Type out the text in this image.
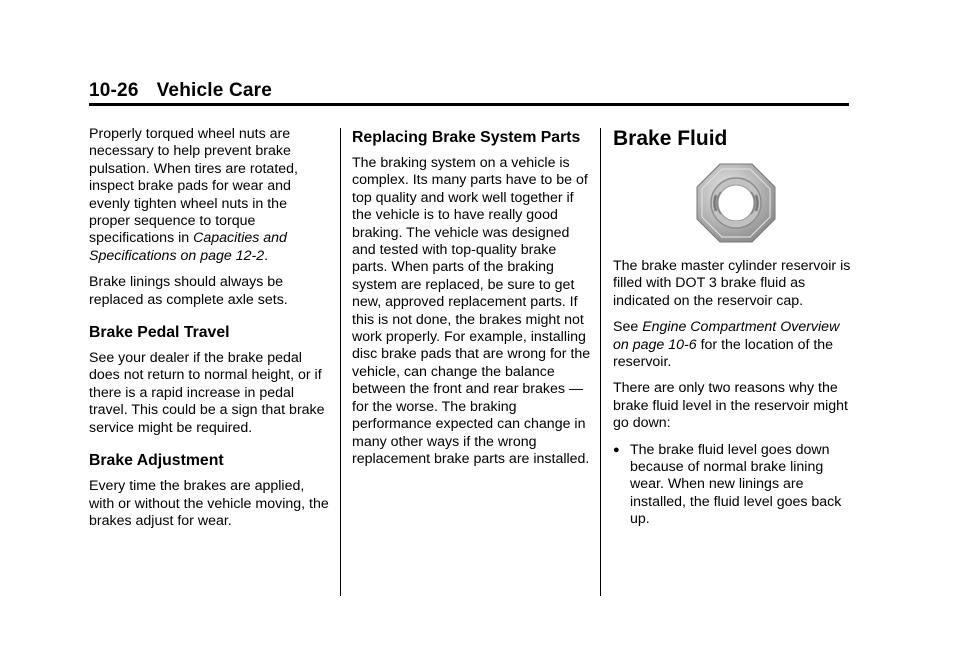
10-26 Vehicle Care

Properly torqued wheel nuts are necessary to help prevent brake pulsation. When tires are rotated, inspect brake pads for wear and evenly tighten wheel nuts in the proper sequence to torque specifications in Capacities and Specifications on page 12-2.

Brake linings should always be replaced as complete axle sets.

Brake Pedal Travel

See your dealer if the brake pedal does not return to normal height, or if there is a rapid increase in pedal travel. This could be a sign that brake service might be required.

Brake Adjustment

Every time the brakes are applied, with or without the vehicle moving, the brakes adjust for wear.

Replacing Brake System Parts

The braking system on a vehicle is complex. Its many parts have to be of top quality and work well together if the vehicle is to have really good braking. The vehicle was designed and tested with top-quality brake parts. When parts of the braking system are replaced, be sure to get new, approved replacement parts. If this is not done, the brakes might not work properly. For example, installing disc brake pads that are wrong for the vehicle, can change the balance between the front and rear brakes — for the worse. The braking performance expected can change in many other ways if the wrong replacement brake parts are installed.

Brake Fluid

The brake master cylinder reservoir is filled with DOT 3 brake fluid as indicated on the reservoir cap.

See Engine Compartment Overview on page 10-6 for the location of the reservoir.

There are only two reasons why the brake fluid level in the reservoir might go down:

● The brake fluid level goes down because of normal brake lining wear. When new linings are installed, the fluid level goes back up.
